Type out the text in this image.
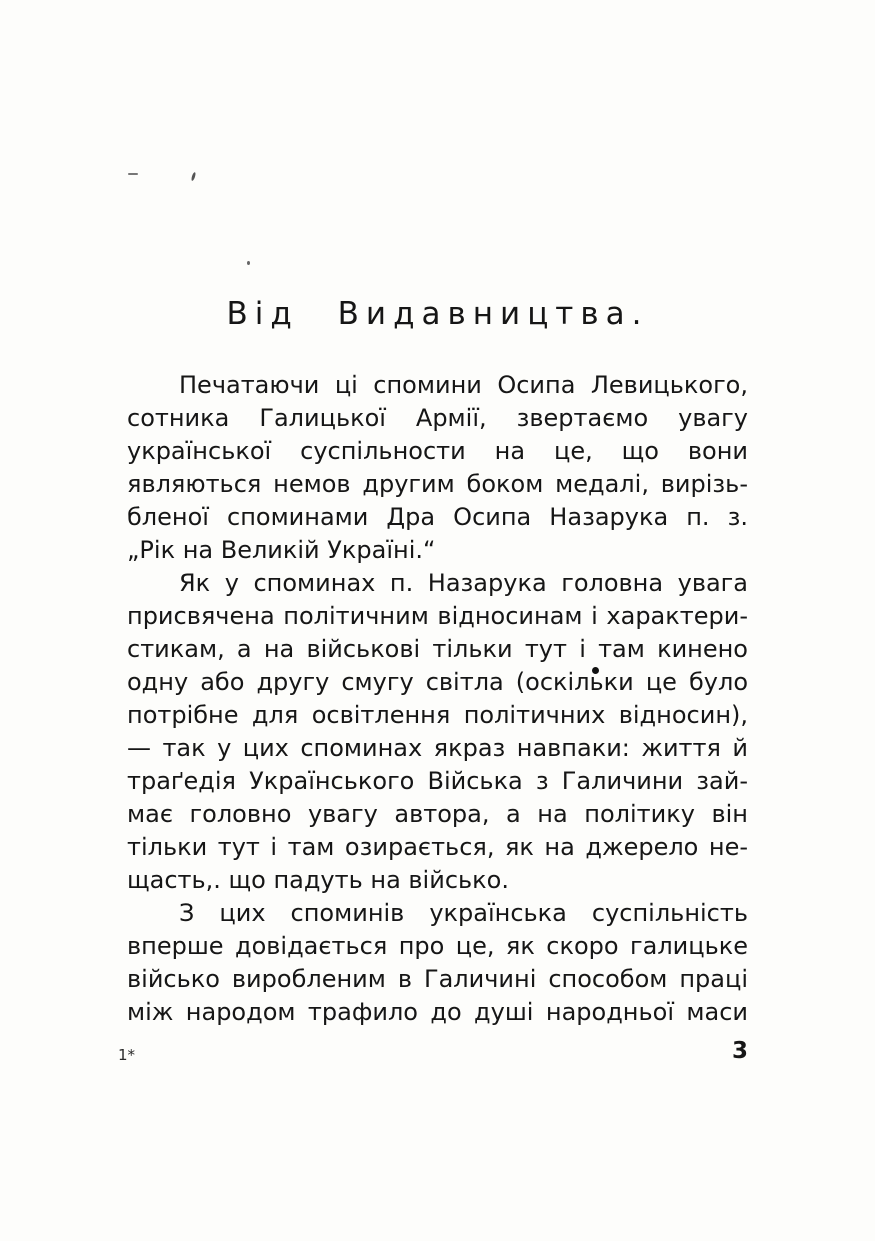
Від Видавництва.
Печатаючи ці спомини Осипа Левицького,
сотника Галицької Армії, звертаємо увагу
української суспільности на це, що вони
являються немов другим боком медалі, вирізь-
бленої споминами Дра Осипа Назарука п. з.
„Рік на Великій Україні.“
Як у споминах п. Назарука головна увага
присвячена політичним відносинам і характери-
стикам, а на військові тільки тут і там кинено
одну або другу смугу світла (оскільки це було
потрібне для освітлення політичних відносин),
— так у цих споминах якраз навпаки: життя й
траґедія Українського Війська з Галичини зай-
має головно увагу автора, а на політику він
тільки тут і там озирається, як на джерело не-
щасть,. що падуть на військо.
З цих споминів українська суспільність
вперше довідається про це, як скоро галицьке
військо виробленим в Галичині способом праці
між народом трафило до душі народньої маси
1*	3
